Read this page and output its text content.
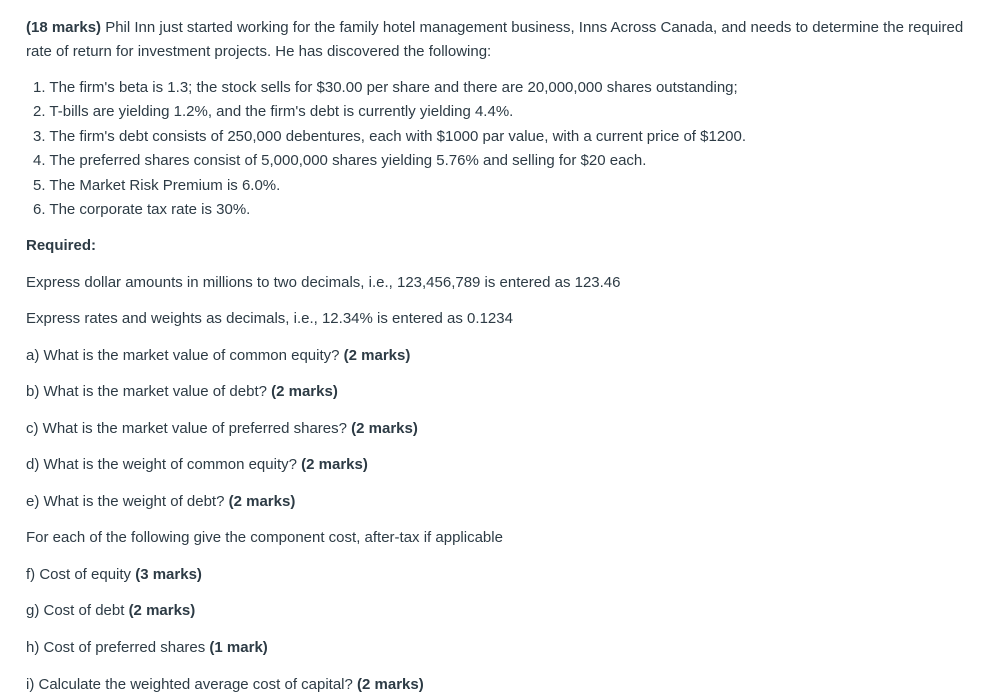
(18 marks) Phil Inn just started working for the family hotel management business, Inns Across Canada, and needs to determine the required rate of return for investment projects. He has discovered the following:

1. The firm's beta is 1.3; the stock sells for $30.00 per share and there are 20,000,000 shares outstanding;
2. T-bills are yielding 1.2%, and the firm's debt is currently yielding 4.4%.
3. The firm's debt consists of 250,000 debentures, each with $1000 par value, with a current price of $1200.
4. The preferred shares consist of 5,000,000 shares yielding 5.76% and selling for $20 each.
5. The Market Risk Premium is 6.0%.
6. The corporate tax rate is 30%.

Required:

Express dollar amounts in millions to two decimals, i.e., 123,456,789 is entered as 123.46

Express rates and weights as decimals, i.e., 12.34% is entered as 0.1234

a) What is the market value of common equity? (2 marks)

b) What is the market value of debt? (2 marks)

c) What is the market value of preferred shares? (2 marks)

d) What is the weight of common equity? (2 marks)

e) What is the weight of debt? (2 marks)

For each of the following give the component cost, after-tax if applicable

f) Cost of equity (3 marks)

g) Cost of debt (2 marks)

h) Cost of preferred shares (1 mark)

i) Calculate the weighted average cost of capital? (2 marks)
